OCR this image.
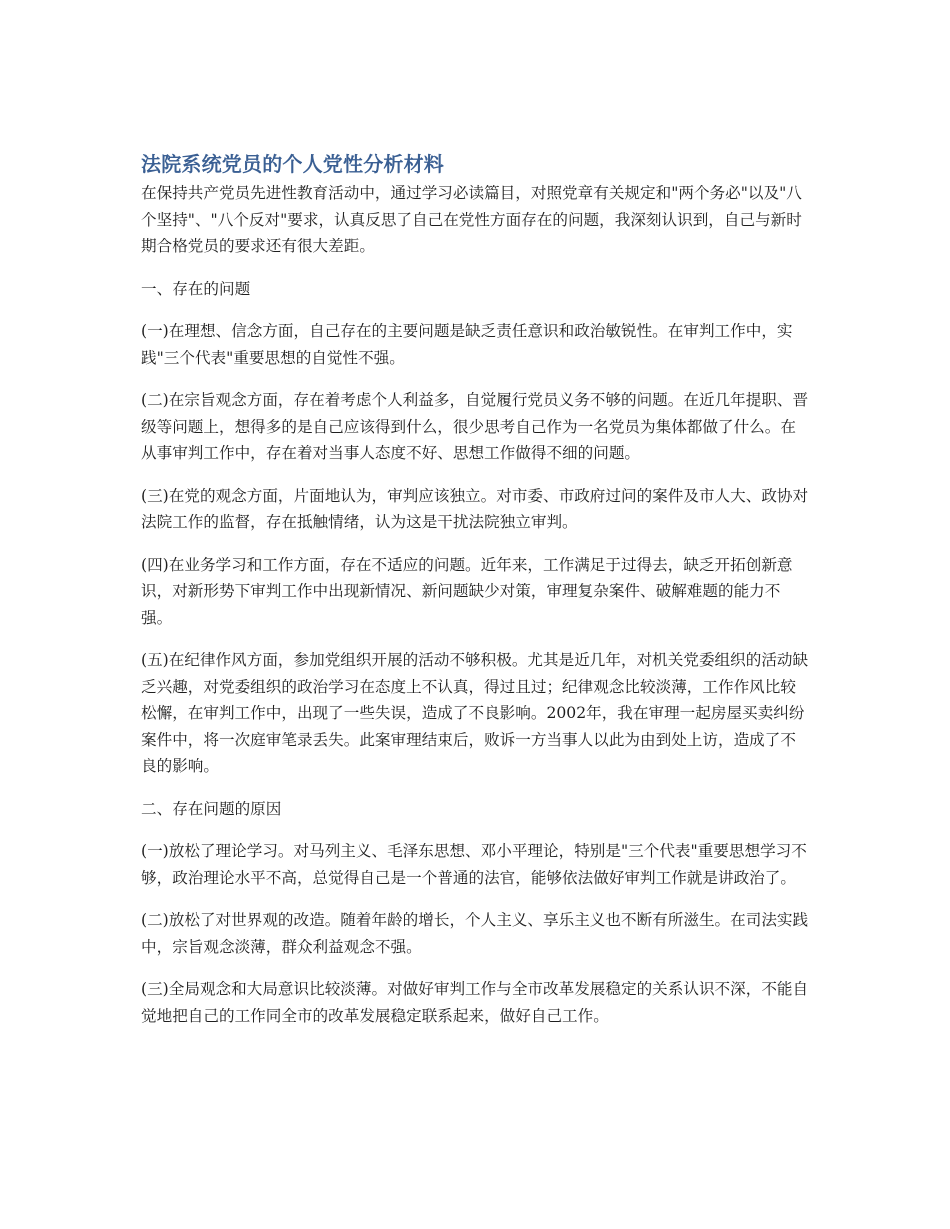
法院系统党员的个人党性分析材料

在保持共产党员先进性教育活动中，通过学习必读篇目，对照党章有关规定和"两个务必"以及"八个坚持"、"八个反对"要求，认真反思了自己在党性方面存在的问题，我深刻认识到，自己与新时期合格党员的要求还有很大差距。

一、存在的问题

(一)在理想、信念方面，自己存在的主要问题是缺乏责任意识和政治敏锐性。在审判工作中，实践"三个代表"重要思想的自觉性不强。

(二)在宗旨观念方面，存在着考虑个人利益多，自觉履行党员义务不够的问题。在近几年提职、晋级等问题上，想得多的是自己应该得到什么，很少思考自己作为一名党员为集体都做了什么。在从事审判工作中，存在着对当事人态度不好、思想工作做得不细的问题。

(三)在党的观念方面，片面地认为，审判应该独立。对市委、市政府过问的案件及市人大、政协对法院工作的监督，存在抵触情绪，认为这是干扰法院独立审判。

(四)在业务学习和工作方面，存在不适应的问题。近年来，工作满足于过得去，缺乏开拓创新意识，对新形势下审判工作中出现新情况、新问题缺少对策，审理复杂案件、破解难题的能力不强。

(五)在纪律作风方面，参加党组织开展的活动不够积极。尤其是近几年，对机关党委组织的活动缺乏兴趣，对党委组织的政治学习在态度上不认真，得过且过；纪律观念比较淡薄，工作作风比较松懈，在审判工作中，出现了一些失误，造成了不良影响。2002年，我在审理一起房屋买卖纠纷案件中，将一次庭审笔录丢失。此案审理结束后，败诉一方当事人以此为由到处上访，造成了不良的影响。

二、存在问题的原因

(一)放松了理论学习。对马列主义、毛泽东思想、邓小平理论，特别是"三个代表"重要思想学习不够，政治理论水平不高，总觉得自己是一个普通的法官，能够依法做好审判工作就是讲政治了。

(二)放松了对世界观的改造。随着年龄的增长，个人主义、享乐主义也不断有所滋生。在司法实践中，宗旨观念淡薄，群众利益观念不强。

(三)全局观念和大局意识比较淡薄。对做好审判工作与全市改革发展稳定的关系认识不深，不能自觉地把自己的工作同全市的改革发展稳定联系起来，做好自己工作。
